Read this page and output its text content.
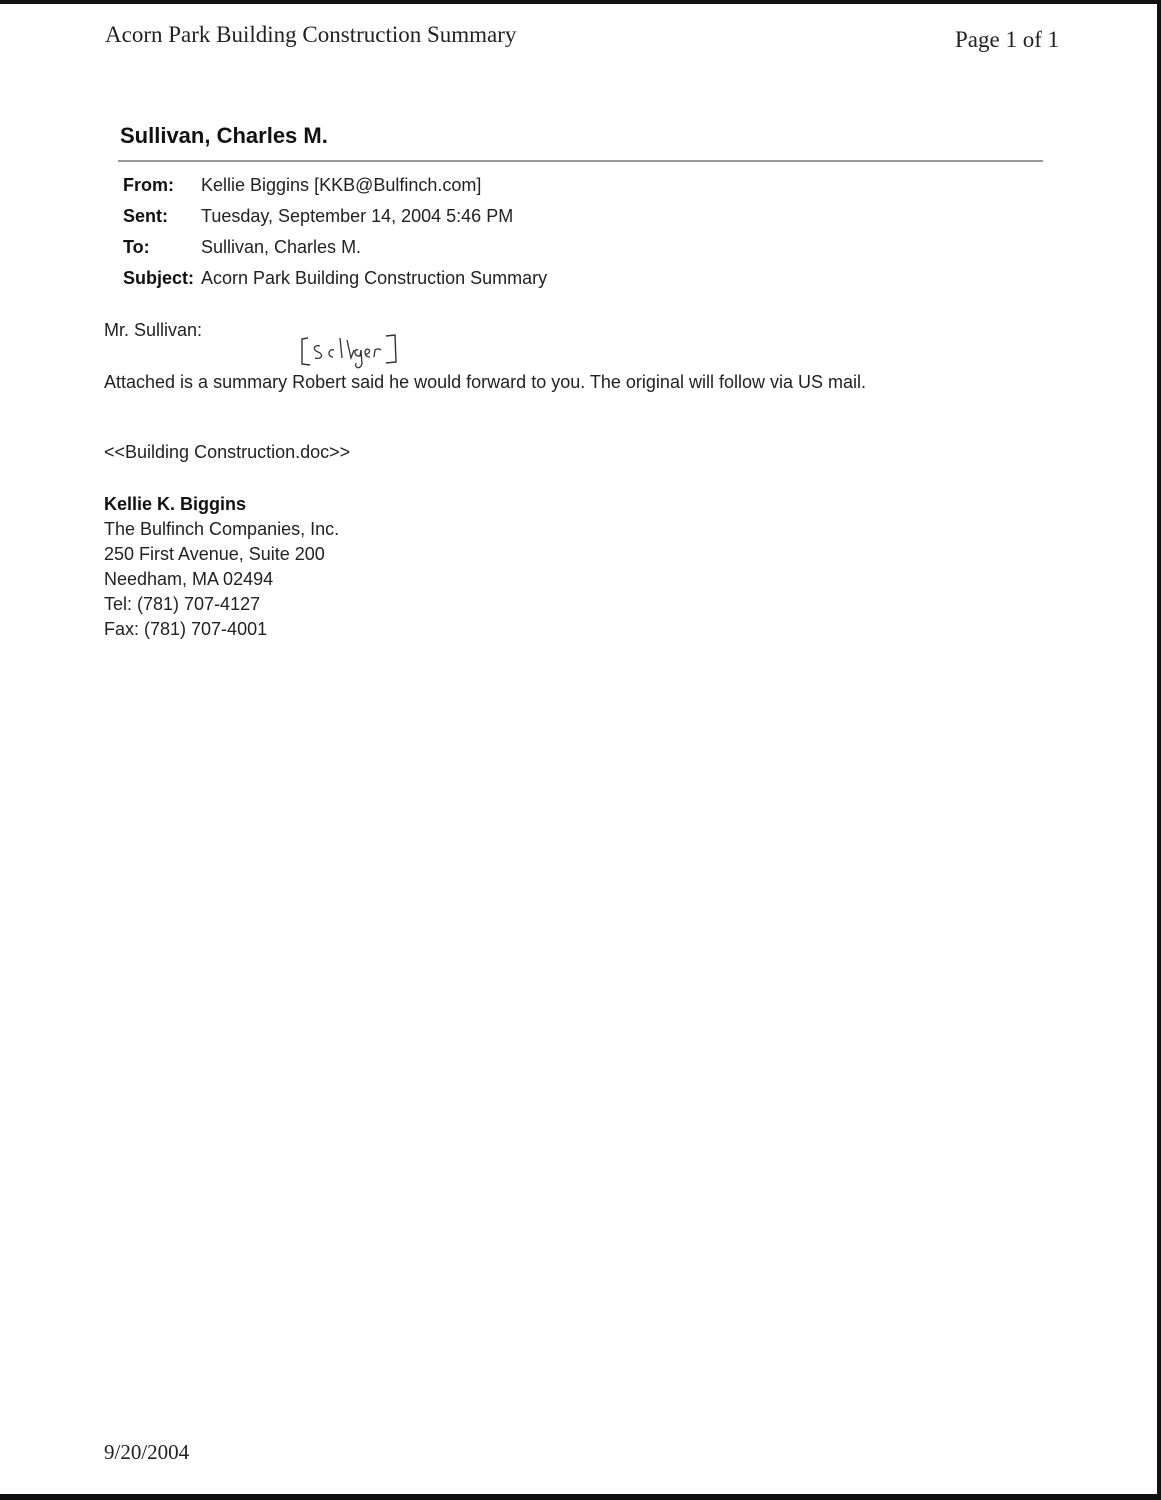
Acorn Park Building Construction Summary	Page 1 of 1
Sullivan, Charles M.
From: Kellie Biggins [KKB@Bulfinch.com]
Sent: Tuesday, September 14, 2004 5:46 PM
To:	Sullivan, Charles M.
Subject: Acorn Park Building Construction Summary
Mr. Sullivan:
Attached is a summary Robert said he would forward to you. The original will follow via US mail.
<<Building Construction.doc>>
Kellie K. Biggins
The Bulfinch Companies, Inc.
250 First Avenue, Suite 200
Needham, MA 02494
Tel: (781) 707-4127
Fax: (781) 707-4001
9/20/2004
